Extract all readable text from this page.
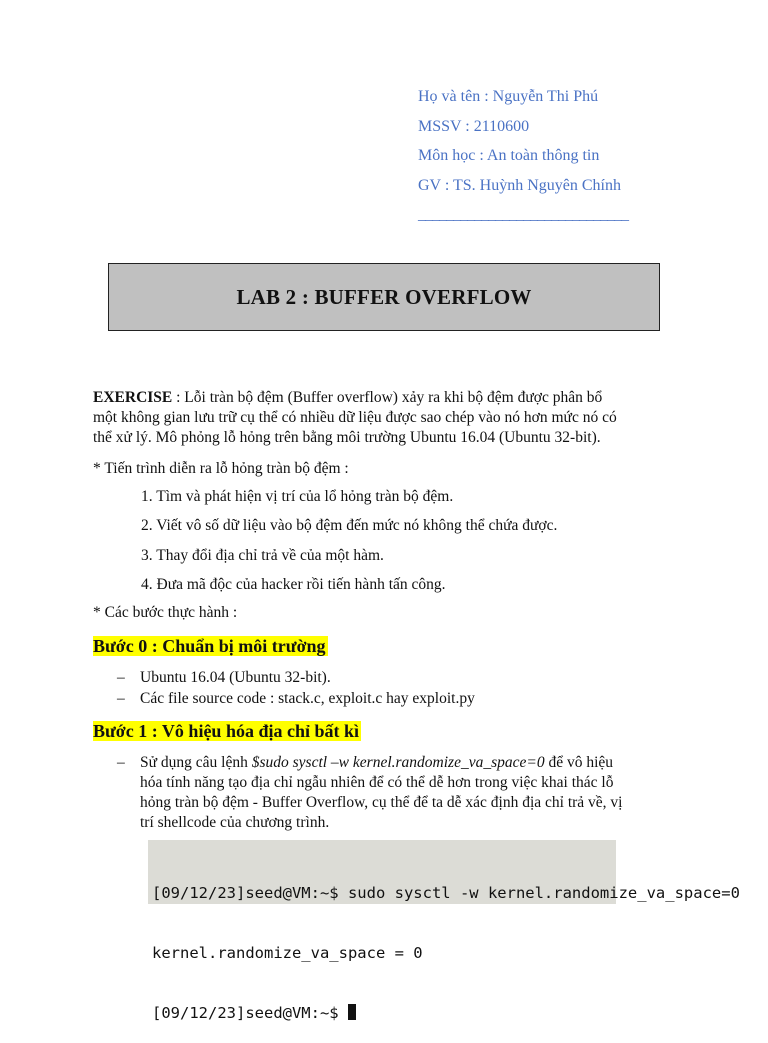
Họ và tên : Nguyễn Thi Phú
MSSV : 2110600
Môn học : An toàn thông tin
GV : TS. Huỳnh Nguyên Chính
______________________________
LAB 2 : BUFFER OVERFLOW
EXERCISE : Lỗi tràn bộ đệm (Buffer overflow) xảy ra khi bộ đệm được phân bổ
một không gian lưu trữ cụ thể có nhiều dữ liệu được sao chép vào nó hơn mức nó có
thể xử lý. Mô phỏng lỗ hỏng trên bằng môi trường Ubuntu 16.04 (Ubuntu 32-bit).
* Tiến trình diễn ra lỗ hỏng tràn bộ đệm :
1. Tìm và phát hiện vị trí của lổ hỏng tràn bộ đệm.
2. Viết vô số dữ liệu vào bộ đệm đến mức nó không thể chứa được.
3. Thay đổi địa chỉ trả về của một hàm.
4. Đưa mã độc của hacker rồi tiến hành tấn công.
* Các bước thực hành :
Bước 0 : Chuẩn bị môi trường
– Ubuntu 16.04 (Ubuntu 32-bit).
– Các file source code : stack.c, exploit.c hay exploit.py
Bước 1 : Vô hiệu hóa địa chỉ bất kì
– Sử dụng câu lệnh $sudo sysctl –w kernel.randomize_va_space=0 để vô hiệu
hóa tính năng tạo địa chỉ ngẫu nhiên để có thể dễ hơn trong việc khai thác lỗ
hỏng tràn bộ đệm - Buffer Overflow, cụ thể để ta dễ xác định địa chỉ trả về, vị
trí shellcode của chương trình.

[09/12/23]seed@VM:~$ sudo sysctl -w kernel.randomize_va_space=0

kernel.randomize_va_space = 0

[09/12/23]seed@VM:~$
